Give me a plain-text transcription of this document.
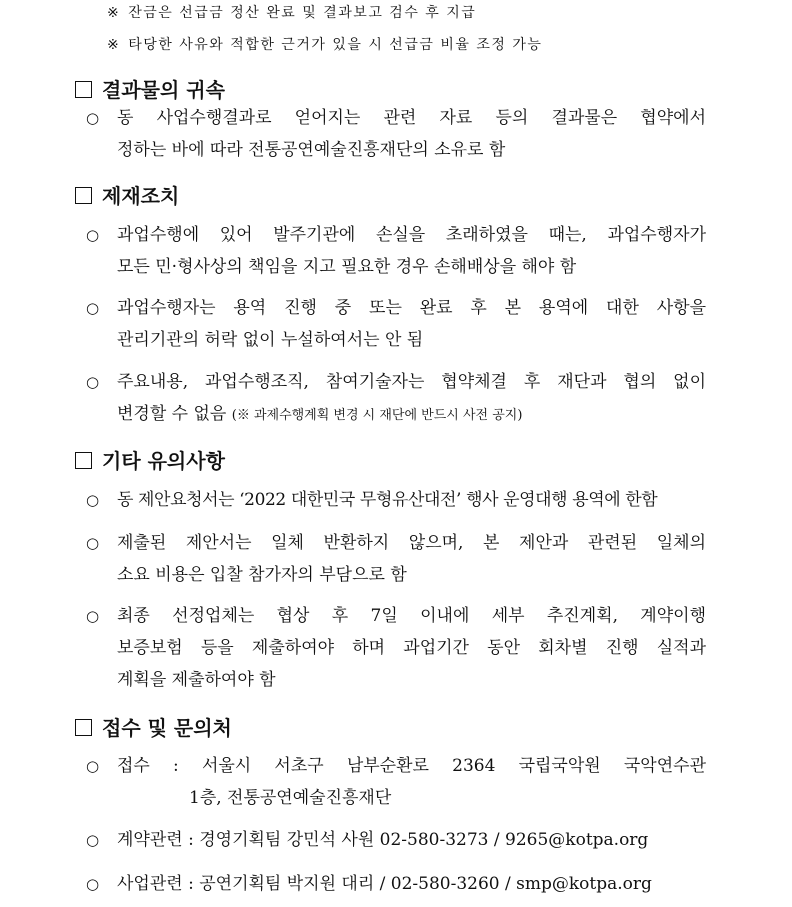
※ 잔금은 선급금 정산 완료 및 결과보고 검수 후 지급
※ 타당한 사유와 적합한 근거가 있을 시 선급금 비율 조정 가능
결과물의 귀속
○	동 사업수행결과로 얻어지는 관련 자료 등의 결과물은 협약에서
정하는 바에 따라 전통공연예술진흥재단의 소유로 함
제재조치
○	과업수행에 있어 발주기관에 손실을 초래하였을 때는, 과업수행자가
모든 민·형사상의 책임을 지고 필요한 경우 손해배상을 해야 함
○	과업수행자는 용역 진행 중 또는 완료 후 본 용역에 대한 사항을
관리기관의 허락 없이 누설하여서는 안 됨
○	주요내용, 과업수행조직, 참여기술자는 협약체결 후 재단과 협의 없이
변경할 수 없음 (※ 과제수행계획 변경 시 재단에 반드시 사전 공지)
기타 유의사항
○	동 제안요청서는 ‘2022 대한민국 무형유산대전’ 행사 운영대행 용역에 한함
○	제출된 제안서는 일체 반환하지 않으며, 본 제안과 관련된 일체의
소요 비용은 입찰 참가자의 부담으로 함
○	최종 선정업체는 협상 후 7일 이내에 세부 추진계획, 계약이행
보증보험 등을 제출하여야 하며 과업기간 동안 회차별 진행 실적과
계획을 제출하여야 함
접수 및 문의처
○	접수 : 서울시 서초구 남부순환로 2364 국립국악원 국악연수관
1층, 전통공연예술진흥재단
○	계약관련 : 경영기획팀 강민석 사원 02-580-3273 / 9265@kotpa.org
○	사업관련 : 공연기획팀 박지원 대리 / 02-580-3260 / smp@kotpa.org
